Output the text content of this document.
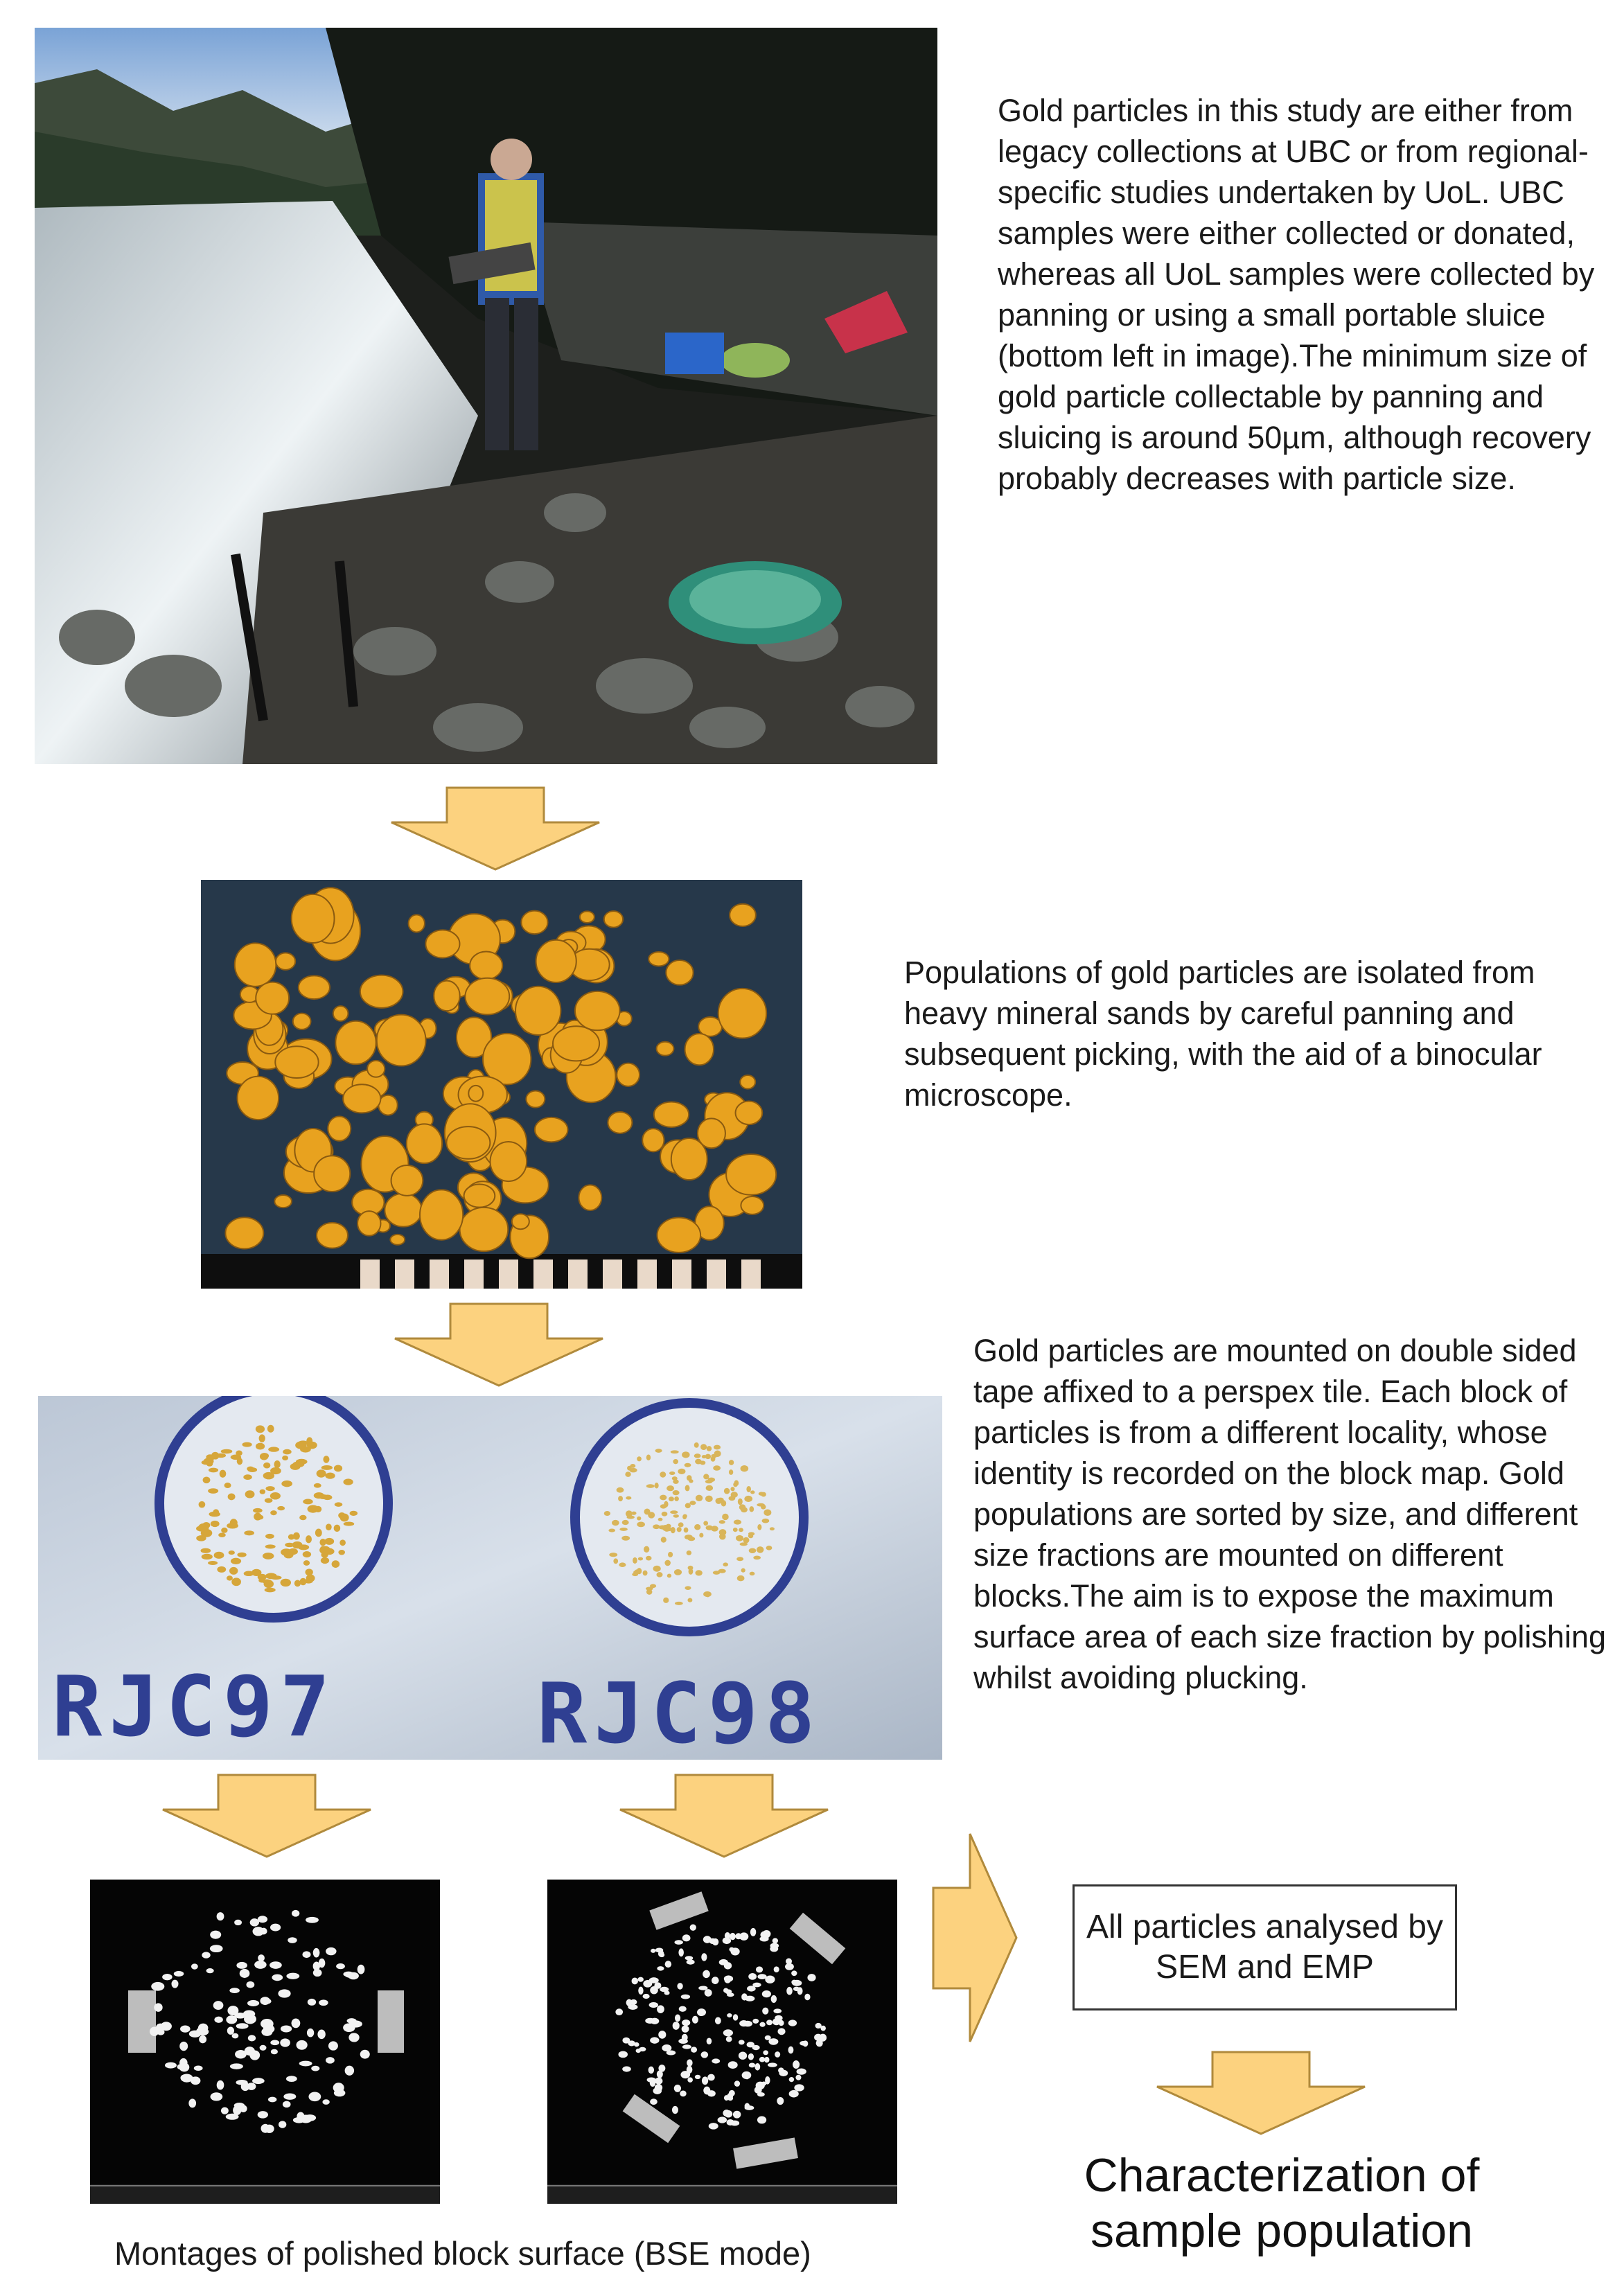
Gold particles in this study are either from legacy collections at UBC or from regional- specific studies undertaken by UoL. UBC samples were either collected or donated, whereas all UoL samples were collected by panning or using a small portable sluice (bottom left in image).The minimum size of gold particle collectable by panning and sluicing is around 50µm, although recovery probably decreases with particle size.
Populations of gold particles are isolated from heavy mineral sands by careful panning and subsequent picking, with the aid of a binocular microscope.
RJC97 RJC98
Gold particles are mounted on double sided tape affixed to a perspex tile. Each block of particles is from a different locality, whose identity is recorded on the block map. Gold populations are sorted by size, and different size fractions are mounted on different blocks.The aim is to expose the maximum surface area of each size fraction by polishing whilst avoiding plucking.
All particles analysed by SEM and EMP
Characterization of sample population
Montages of polished block surface (BSE mode)
